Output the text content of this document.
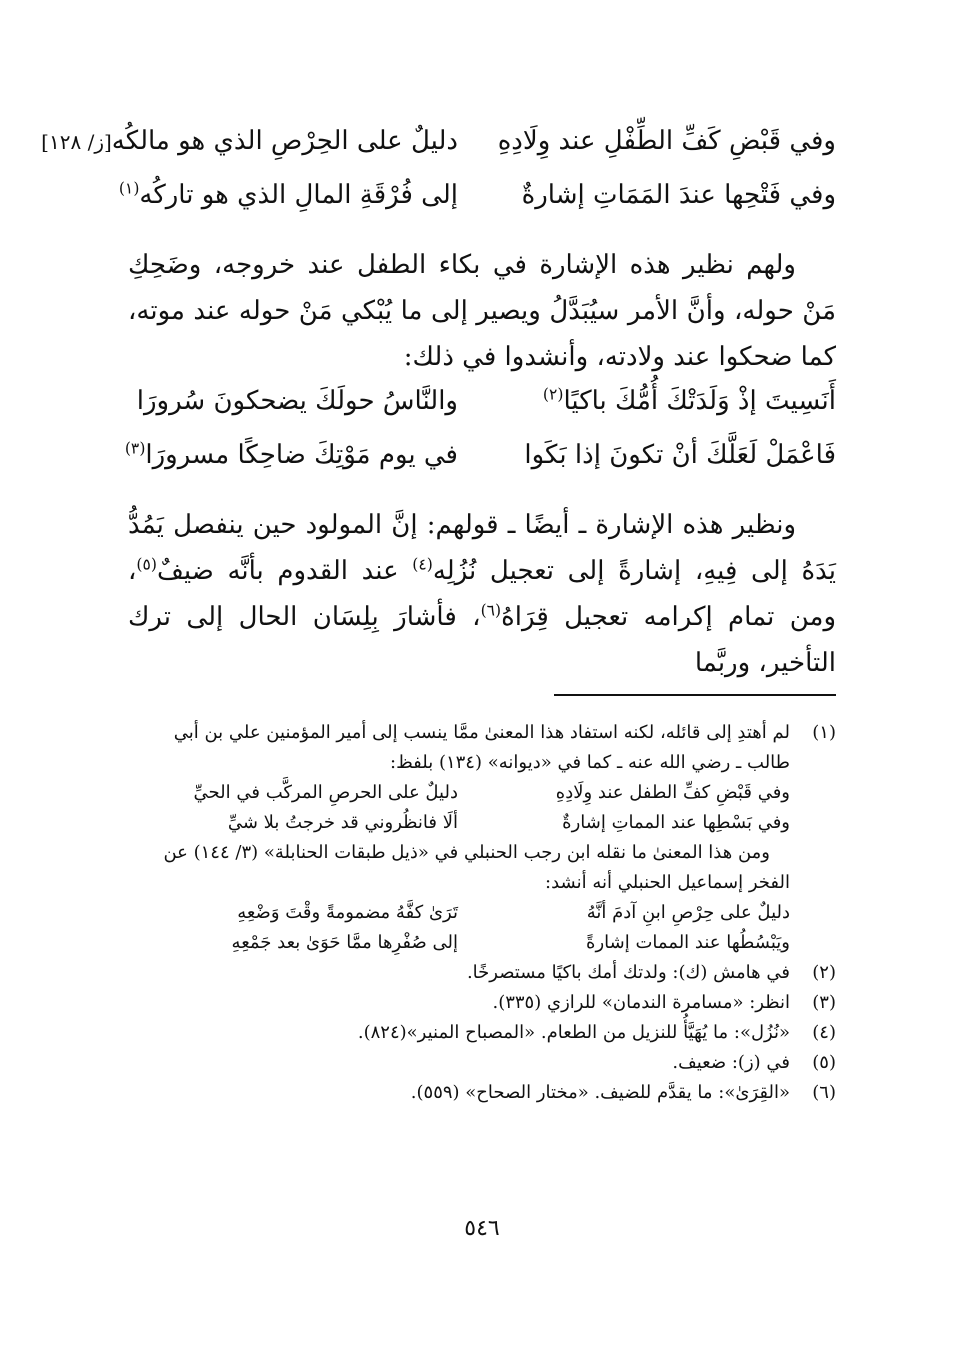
وفي قَبْضِ كَفِّ الطِّفْلِ عند وِلَادِهِ
دليلٌ على الحِرْصِ الذي هو مالكُه[ز/ ١٢٨]
وفي فَتْحِها عندَ المَمَاتِ إشارةٌ
إلى فُرْقَةِ المالِ الذي هو تاركُه$^{(١)}$

ولهم نظير هذه الإشارة في بكاء الطفل عند خروجه، وضَحِكِ مَنْ حوله، وأنَّ الأمر سيُبَدَّلُ ويصير إلى ما يُبْكي مَنْ حوله عند موته، كما ضحكوا عند ولادته، وأنشدوا في ذلك:

أَنَسِيتَ إذْ وَلَدَتْكَ أُمُّكَ باكيًا$^{(٢)}$
والنَّاسُ حولَكَ يضحكونَ سُرورَا
فَاعْمَلْ لَعَلَّكَ أنْ تكونَ إذا بَكَوا
في يوم مَوْتِكَ ضاحِكًا مسرورَا$^{(٣)}$

ونظير هذه الإشارة ـ أيضًا ـ قولهم: إنَّ المولود حين ينفصل يَمُدُّ يَدَهُ إلى فِيهِ، إشارةً إلى تعجيل نُزُلِه$^{(٤)}$ عند القدوم بأنَّه ضيفٌ$^{(٥)}$، ومن تمام إكرامه تعجيل قِرَاهُ$^{(٦)}$، فأشارَ بِلِسَان الحال إلى ترك التأخير، وربَّما

(١)
لم أهتدِ إلى قائله، لكنه استفاد هذا المعنىٰ ممَّا ينسب إلى أمير المؤمنين علي بن أبي طالب ـ رضي الله عنه ـ كما في «ديوانه» (١٣٤) بلفظ:
وفي قَبْضِ كفِّ الطفل عند وِلَادِهِ
دليلٌ على الحرصِ المركَّب في الحيِّ
وفي بَسْطِها عند المماتِ إشارةٌ
ألَا فانظُروني قد خرجتُ بلا شيِّ
ومن هذا المعنىٰ ما نقله ابن رجب الحنبلي في «ذيل طبقات الحنابلة» (٣/ ١٤٤) عن الفخر إسماعيل الحنبلي أنه أنشد:
دليلٌ على حِرْصِ ابنِ آدمَ أنَّهُ
تَرَىٰ كفَّهُ مضمومةً وقْتَ وَضْعِهِ
ويَبْسُطُها عند الممات إشارةً
إلى صُفْرِها ممَّا حَوَىٰ بعد جَمْعِهِ
(٢)
في هامش (ك): ولدتك أمك باكيًا مستصرخًا.
(٣)
انظر: «مسامرة الندمان» للرازي (٣٣٥).
(٤)
«نُزُل»: ما يُهَيَّأُ للنزيل من الطعام. «المصباح المنير»(٨٢٤).
(٥)
في (ز): ضعيف.
(٦)
«القِرَىٰ»: ما يقدَّم للضيف. «مختار الصحاح» (٥٥٩).
٥٤٦
